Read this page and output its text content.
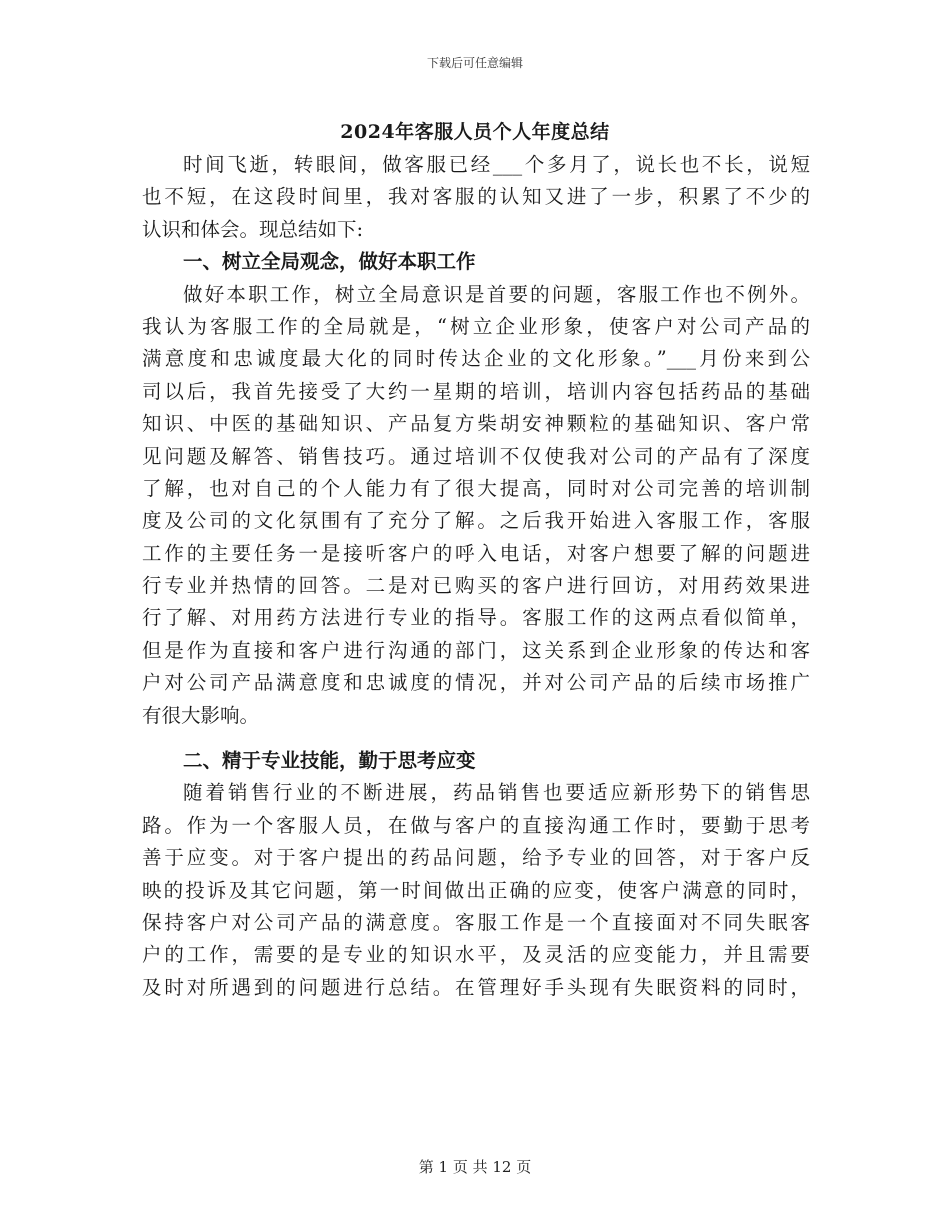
下载后可任意编辑
2024年客服人员个人年度总结
时间飞逝，转眼间，做客服已经___个多月了，说长也不长，说短
也不短，在这段时间里，我对客服的认知又进了一步，积累了不少的
认识和体会。现总结如下:
一、树立全局观念，做好本职工作
做好本职工作，树立全局意识是首要的问题，客服工作也不例外。
我认为客服工作的全局就是，“树立企业形象，使客户对公司产品的
满意度和忠诚度最大化的同时传达企业的文化形象。”___月份来到公
司以后，我首先接受了大约一星期的培训，培训内容包括药品的基础
知识、中医的基础知识、产品复方柴胡安神颗粒的基础知识、客户常
见问题及解答、销售技巧。通过培训不仅使我对公司的产品有了深度
了解，也对自己的个人能力有了很大提高，同时对公司完善的培训制
度及公司的文化氛围有了充分了解。之后我开始进入客服工作，客服
工作的主要任务一是接听客户的呼入电话，对客户想要了解的问题进
行专业并热情的回答。二是对已购买的客户进行回访，对用药效果进
行了解、对用药方法进行专业的指导。客服工作的这两点看似简单，
但是作为直接和客户进行沟通的部门，这关系到企业形象的传达和客
户对公司产品满意度和忠诚度的情况，并对公司产品的后续市场推广
有很大影响。
二、精于专业技能，勤于思考应变
随着销售行业的不断进展，药品销售也要适应新形势下的销售思
路。作为一个客服人员，在做与客户的直接沟通工作时，要勤于思考
善于应变。对于客户提出的药品问题，给予专业的回答，对于客户反
映的投诉及其它问题，第一时间做出正确的应变，使客户满意的同时，
保持客户对公司产品的满意度。客服工作是一个直接面对不同失眠客
户的工作，需要的是专业的知识水平，及灵活的应变能力，并且需要
及时对所遇到的问题进行总结。在管理好手头现有失眠资料的同时，
第 1 页 共 12 页
